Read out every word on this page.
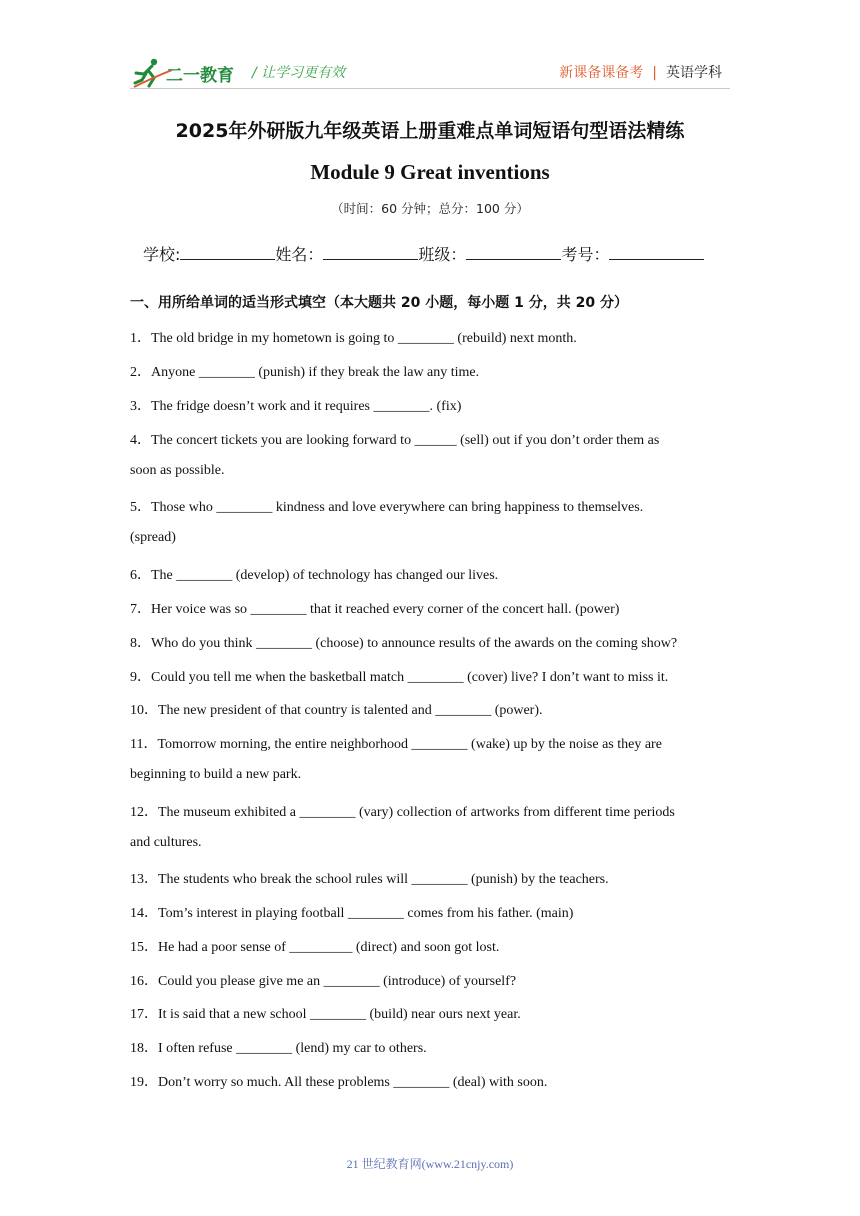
二一教育 / 让学习更有效	新课备课备考 | 英语学科
2025年外研版九年级英语上册重难点单词短语句型语法精练
Module 9 Great inventions
（时间：60 分钟；总分：100 分）
学校:	姓名：	班级：	考号：
一、用所给单词的适当形式填空（本大题共 20 小题，每小题 1 分，共 20 分）
1．The old bridge in my hometown is going to ________ (rebuild) next month.
2．Anyone ________ (punish) if they break the law any time.
3．The fridge doesn’t work and it requires ________. (fix)
4．The concert tickets you are looking forward to ______ (sell) out if you don’t order them as
soon as possible.
5．Those who ________ kindness and love everywhere can bring happiness to themselves.
(spread)
6．The ________ (develop) of technology has changed our lives.
7．Her voice was so ________ that it reached every corner of the concert hall. (power)
8．Who do you think ________ (choose) to announce results of the awards on the coming show?
9．Could you tell me when the basketball match ________ (cover) live? I don’t want to miss it.
10．The new president of that country is talented and ________ (power).
11．Tomorrow morning, the entire neighborhood ________ (wake) up by the noise as they are
beginning to build a new park.
12．The museum exhibited a ________ (vary) collection of artworks from different time periods
and cultures.
13．The students who break the school rules will ________ (punish) by the teachers.
14．Tom’s interest in playing football ________ comes from his father. (main)
15．He had a poor sense of _________ (direct) and soon got lost.
16．Could you please give me an ________ (introduce) of yourself?
17．It is said that a new school ________ (build) near ours next year.
18．I often refuse ________ (lend) my car to others.
19．Don’t worry so much. All these problems ________ (deal) with soon.
21 世纪教育网(www.21cnjy.com)
